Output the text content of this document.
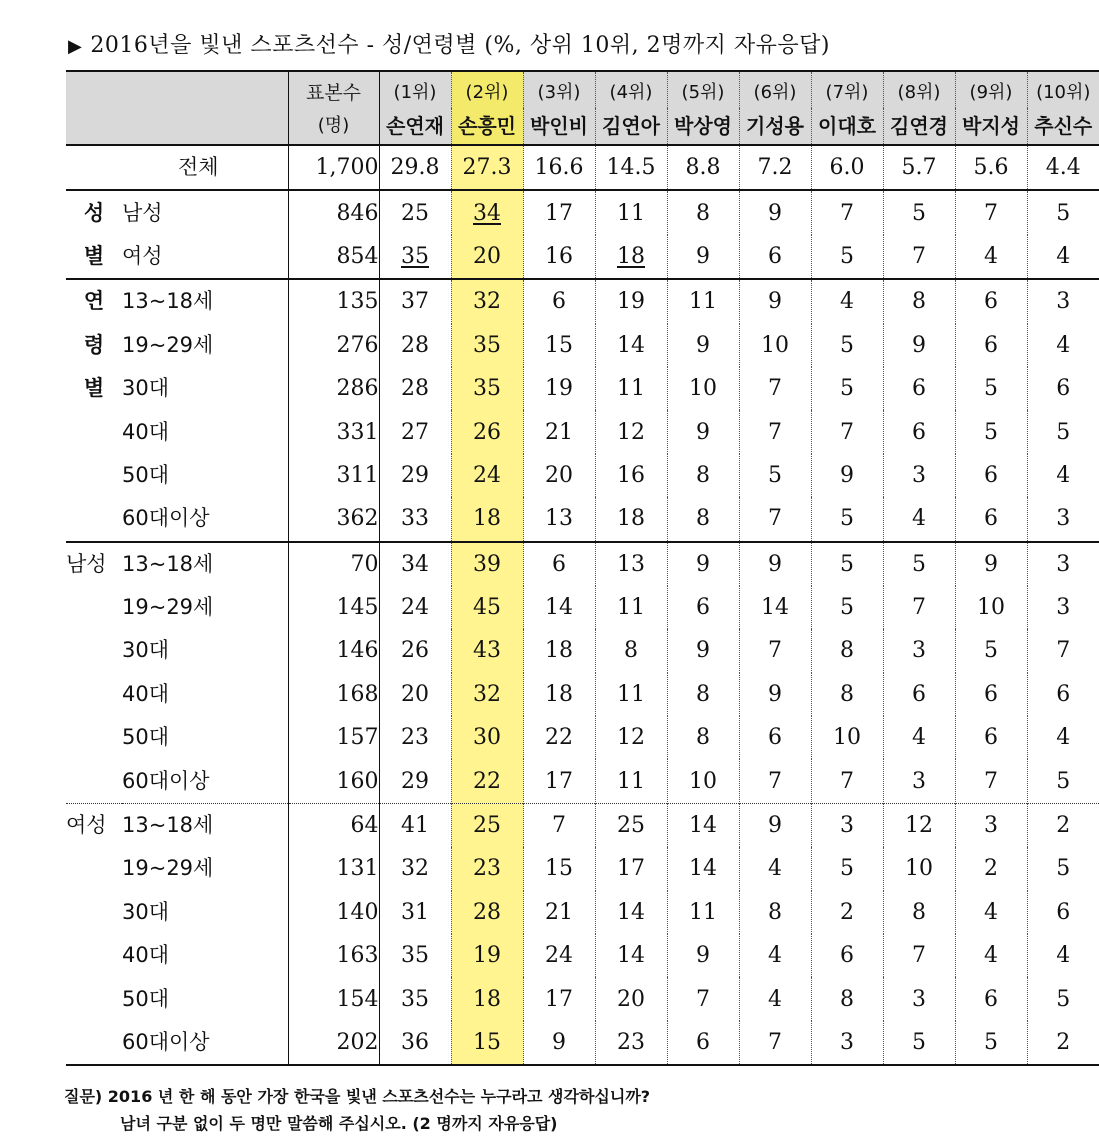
▶ 2016년을 빛낸 스포츠선수 - 성/연령별 (%, 상위 10위, 2명까지 자유응답)
		표본수	(1위)	(2위)	(3위)	(4위)	(5위)	(6위)	(7위)	(8위)	(9위)	(10위)
		(명)	손연재	손흥민	박인비	김연아	박상영	기성용	이대호	김연경	박지성	추신수
	전체	1,700	29.8	27.3	16.6	14.5	8.8	7.2	6.0	5.7	5.6	4.4
성	남성	846	25	34	17	11	8	9	7	5	7	5
별	여성	854	35	20	16	18	9	6	5	7	4	4
연	13~18세	135	37	32	6	19	11	9	4	8	6	3
령	19~29세	276	28	35	15	14	9	10	5	9	6	4
별	30대	286	28	35	19	11	10	7	5	6	5	6
	40대	331	27	26	21	12	9	7	7	6	5	5
	50대	311	29	24	20	16	8	5	9	3	6	4
	60대이상	362	33	18	13	18	8	7	5	4	6	3
남성	13~18세	70	34	39	6	13	9	9	5	5	9	3
	19~29세	145	24	45	14	11	6	14	5	7	10	3
	30대	146	26	43	18	8	9	7	8	3	5	7
	40대	168	20	32	18	11	8	9	8	6	6	6
	50대	157	23	30	22	12	8	6	10	4	6	4
	60대이상	160	29	22	17	11	10	7	7	3	7	5
여성	13~18세	64	41	25	7	25	14	9	3	12	3	2
	19~29세	131	32	23	15	17	14	4	5	10	2	5
	30대	140	31	28	21	14	11	8	2	8	4	6
	40대	163	35	19	24	14	9	4	6	7	4	4
	50대	154	35	18	17	20	7	4	8	3	6	5
	60대이상	202	36	15	9	23	6	7	3	5	5	2
질문) 2016 년 한 해 동안 가장 한국을 빛낸 스포츠선수는 누구라고 생각하십니까?
남녀 구분 없이 두 명만 말씀해 주십시오. (2 명까지 자유응답)
